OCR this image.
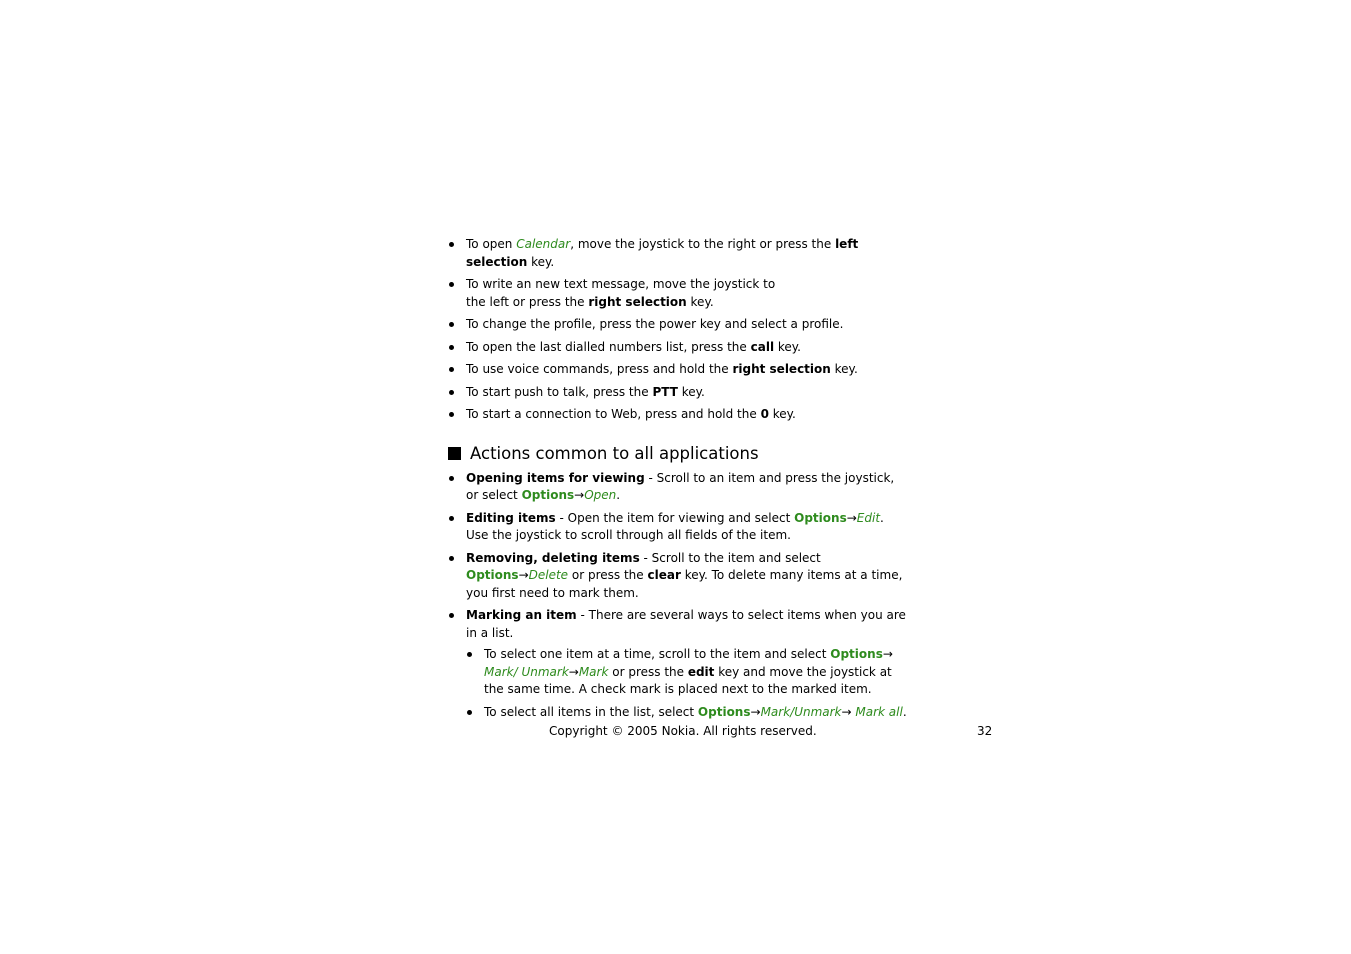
To open Calendar, move the joystick to the right or press the left selection key.
To write an new text message, move the joystick to the left or press the right selection key.
To change the profile, press the power key and select a profile.
To open the last dialled numbers list, press the call key.
To use voice commands, press and hold the right selection key.
To start push to talk, press the PTT key.
To start a connection to Web, press and hold the 0 key.
Actions common to all applications
Opening items for viewing - Scroll to an item and press the joystick, or select Options→Open.
Editing items - Open the item for viewing and select Options→Edit. Use the joystick to scroll through all fields of the item.
Removing, deleting items - Scroll to the item and select Options→Delete or press the clear key. To delete many items at a time, you first need to mark them.
Marking an item - There are several ways to select items when you are in a list.
To select one item at a time, scroll to the item and select Options→ Mark/ Unmark→Mark or press the edit key and move the joystick at the same time. A check mark is placed next to the marked item.
To select all items in the list, select Options→Mark/Unmark→ Mark all.
Copyright © 2005 Nokia. All rights reserved.	32
